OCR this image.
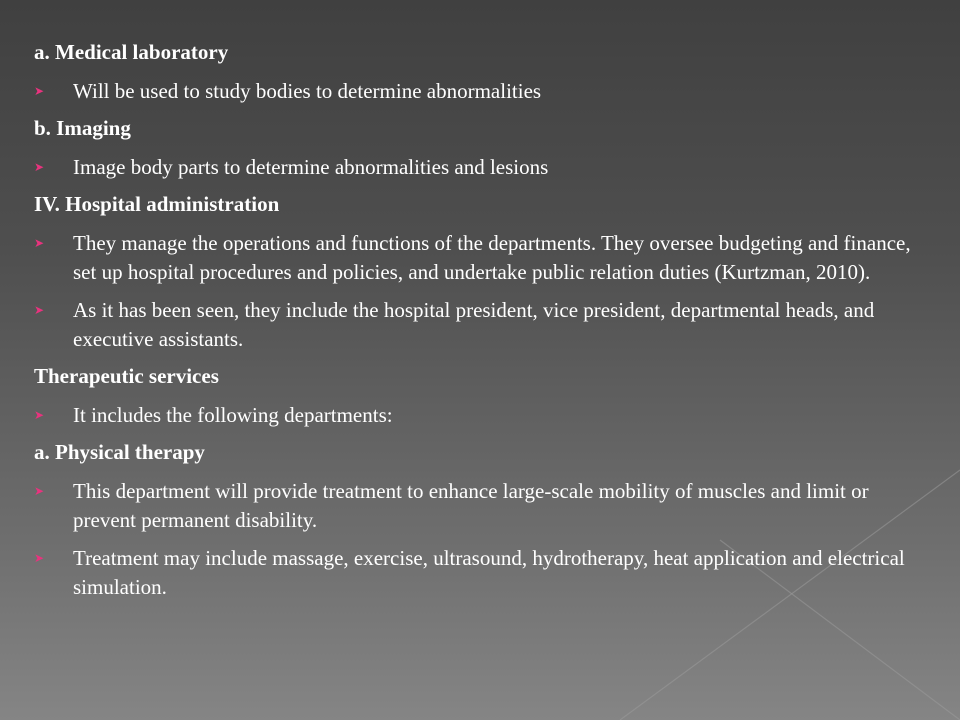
a. Medical laboratory
➤ Will be used to study bodies to determine abnormalities
b. Imaging
➤ Image body parts to determine abnormalities and lesions
IV. Hospital administration
➤ They manage the operations and functions of the departments. They oversee budgeting and finance, set up hospital procedures and policies, and undertake public relation duties (Kurtzman, 2010).
➤ As it has been seen, they include the hospital president, vice president, departmental heads, and executive assistants.
Therapeutic services
➤ It includes the following departments:
a. Physical therapy
➤ This department will provide treatment to enhance large-scale mobility of muscles and limit or prevent permanent disability.
➤ Treatment may include massage, exercise, ultrasound, hydrotherapy, heat application and electrical simulation.
